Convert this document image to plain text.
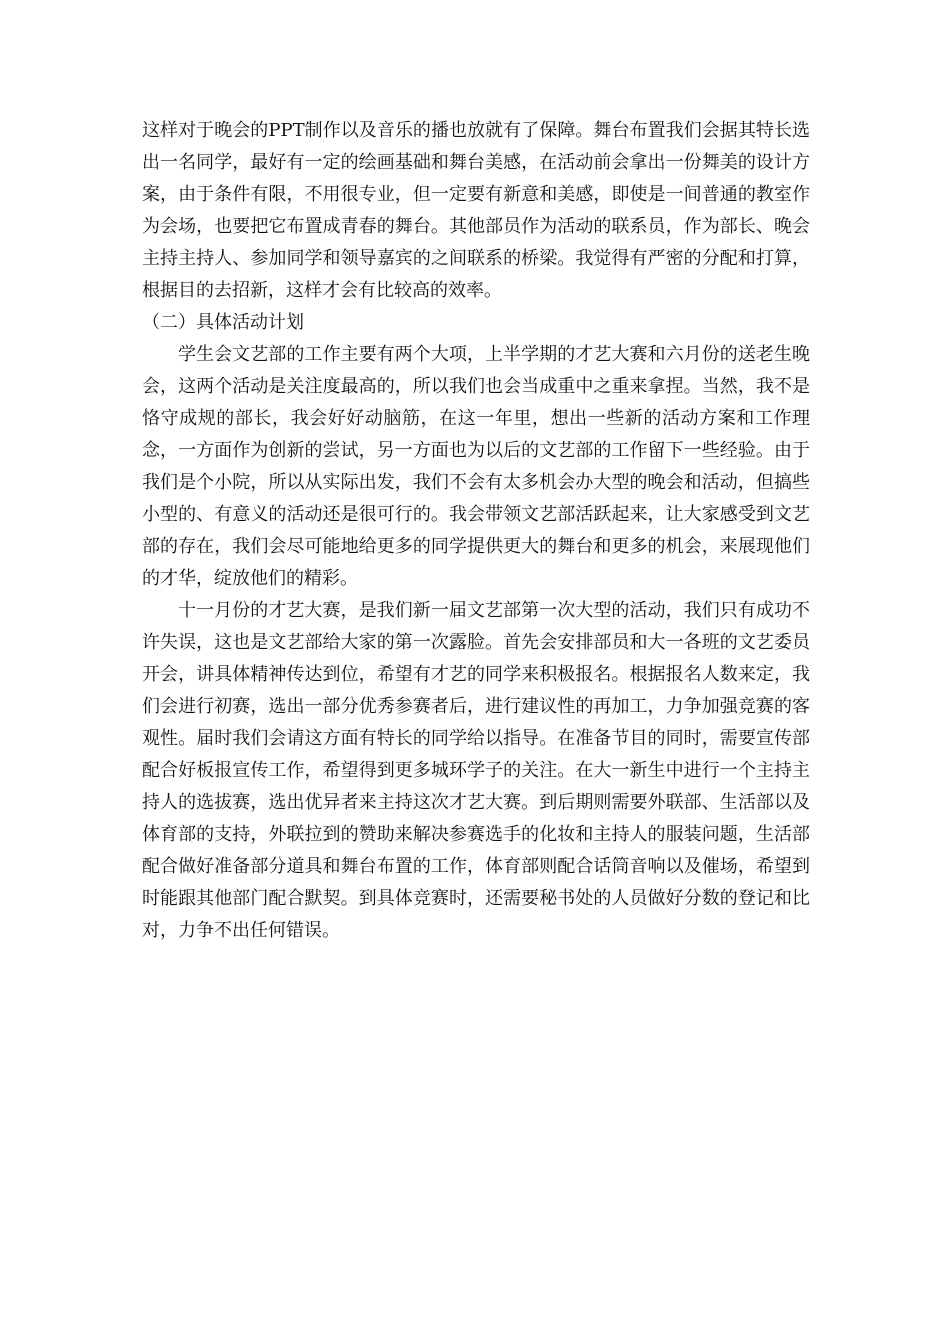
这样对于晚会的PPT制作以及音乐的播也放就有了保障。舞台布置我们会据其特长选出一名同学，最好有一定的绘画基础和舞台美感，在活动前会拿出一份舞美的设计方案，由于条件有限，不用很专业，但一定要有新意和美感，即使是一间普通的教室作为会场，也要把它布置成青春的舞台。其他部员作为活动的联系员，作为部长、晚会主持主持人、参加同学和领导嘉宾的之间联系的桥梁。我觉得有严密的分配和打算，根据目的去招新，这样才会有比较高的效率。

（二）具体活动计划

学生会文艺部的工作主要有两个大项，上半学期的才艺大赛和六月份的送老生晚会，这两个活动是关注度最高的，所以我们也会当成重中之重来拿捏。当然，我不是恪守成规的部长，我会好好动脑筋，在这一年里，想出一些新的活动方案和工作理念，一方面作为创新的尝试，另一方面也为以后的文艺部的工作留下一些经验。由于我们是个小院，所以从实际出发，我们不会有太多机会办大型的晚会和活动，但搞些小型的、有意义的活动还是很可行的。我会带领文艺部活跃起来，让大家感受到文艺部的存在，我们会尽可能地给更多的同学提供更大的舞台和更多的机会，来展现他们的才华，绽放他们的精彩。

十一月份的才艺大赛，是我们新一届文艺部第一次大型的活动，我们只有成功不许失误，这也是文艺部给大家的第一次露脸。首先会安排部员和大一各班的文艺委员开会，讲具体精神传达到位，希望有才艺的同学来积极报名。根据报名人数来定，我们会进行初赛，选出一部分优秀参赛者后，进行建议性的再加工，力争加强竞赛的客观性。届时我们会请这方面有特长的同学给以指导。在准备节目的同时，需要宣传部配合好板报宣传工作，希望得到更多城环学子的关注。在大一新生中进行一个主持主持人的选拔赛，选出优异者来主持这次才艺大赛。到后期则需要外联部、生活部以及体育部的支持，外联拉到的赞助来解决参赛选手的化妆和主持人的服装问题，生活部配合做好准备部分道具和舞台布置的工作，体育部则配合话筒音响以及催场，希望到时能跟其他部门配合默契。到具体竞赛时，还需要秘书处的人员做好分数的登记和比对，力争不出任何错误。
